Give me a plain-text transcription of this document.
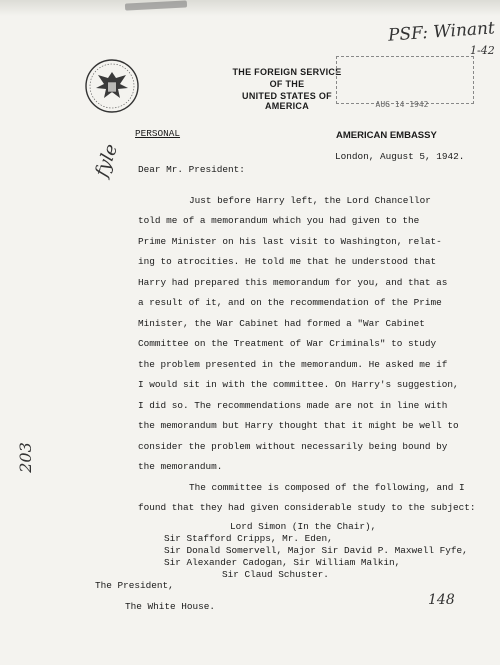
PSF: Winant
1-42
fyle
203
148
THE FOREIGN SERVICE
OF THE
UNITED STATES OF AMERICA	AUG 14 1942
PERSONAL	AMERICAN EMBASSY
London, August 5, 1942.
Dear Mr. President:
Just before Harry left, the Lord Chancellor
told me of a memorandum which you had given to the
Prime Minister on his last visit to Washington, relat-
ing to atrocities. He told me that he understood that
Harry had prepared this memorandum for you, and that as
a result of it, and on the recommendation of the Prime
Minister, the War Cabinet had formed a "War Cabinet
Committee on the Treatment of War Criminals" to study
the problem presented in the memorandum. He asked me if
I would sit in with the committee. On Harry's suggestion,
I did so. The recommendations made are not in line with
the memorandum but Harry thought that it might be well to
consider the problem without necessarily being bound by
the memorandum.
The committee is composed of the following, and I
found that they had given considerable study to the subject:
Lord Simon (In the Chair),
Sir Stafford Cripps, Mr. Eden,
Sir Donald Somervell, Major Sir David P. Maxwell Fyfe,
Sir Alexander Cadogan, Sir William Malkin,
Sir Claud Schuster.
The President,
The White House.
